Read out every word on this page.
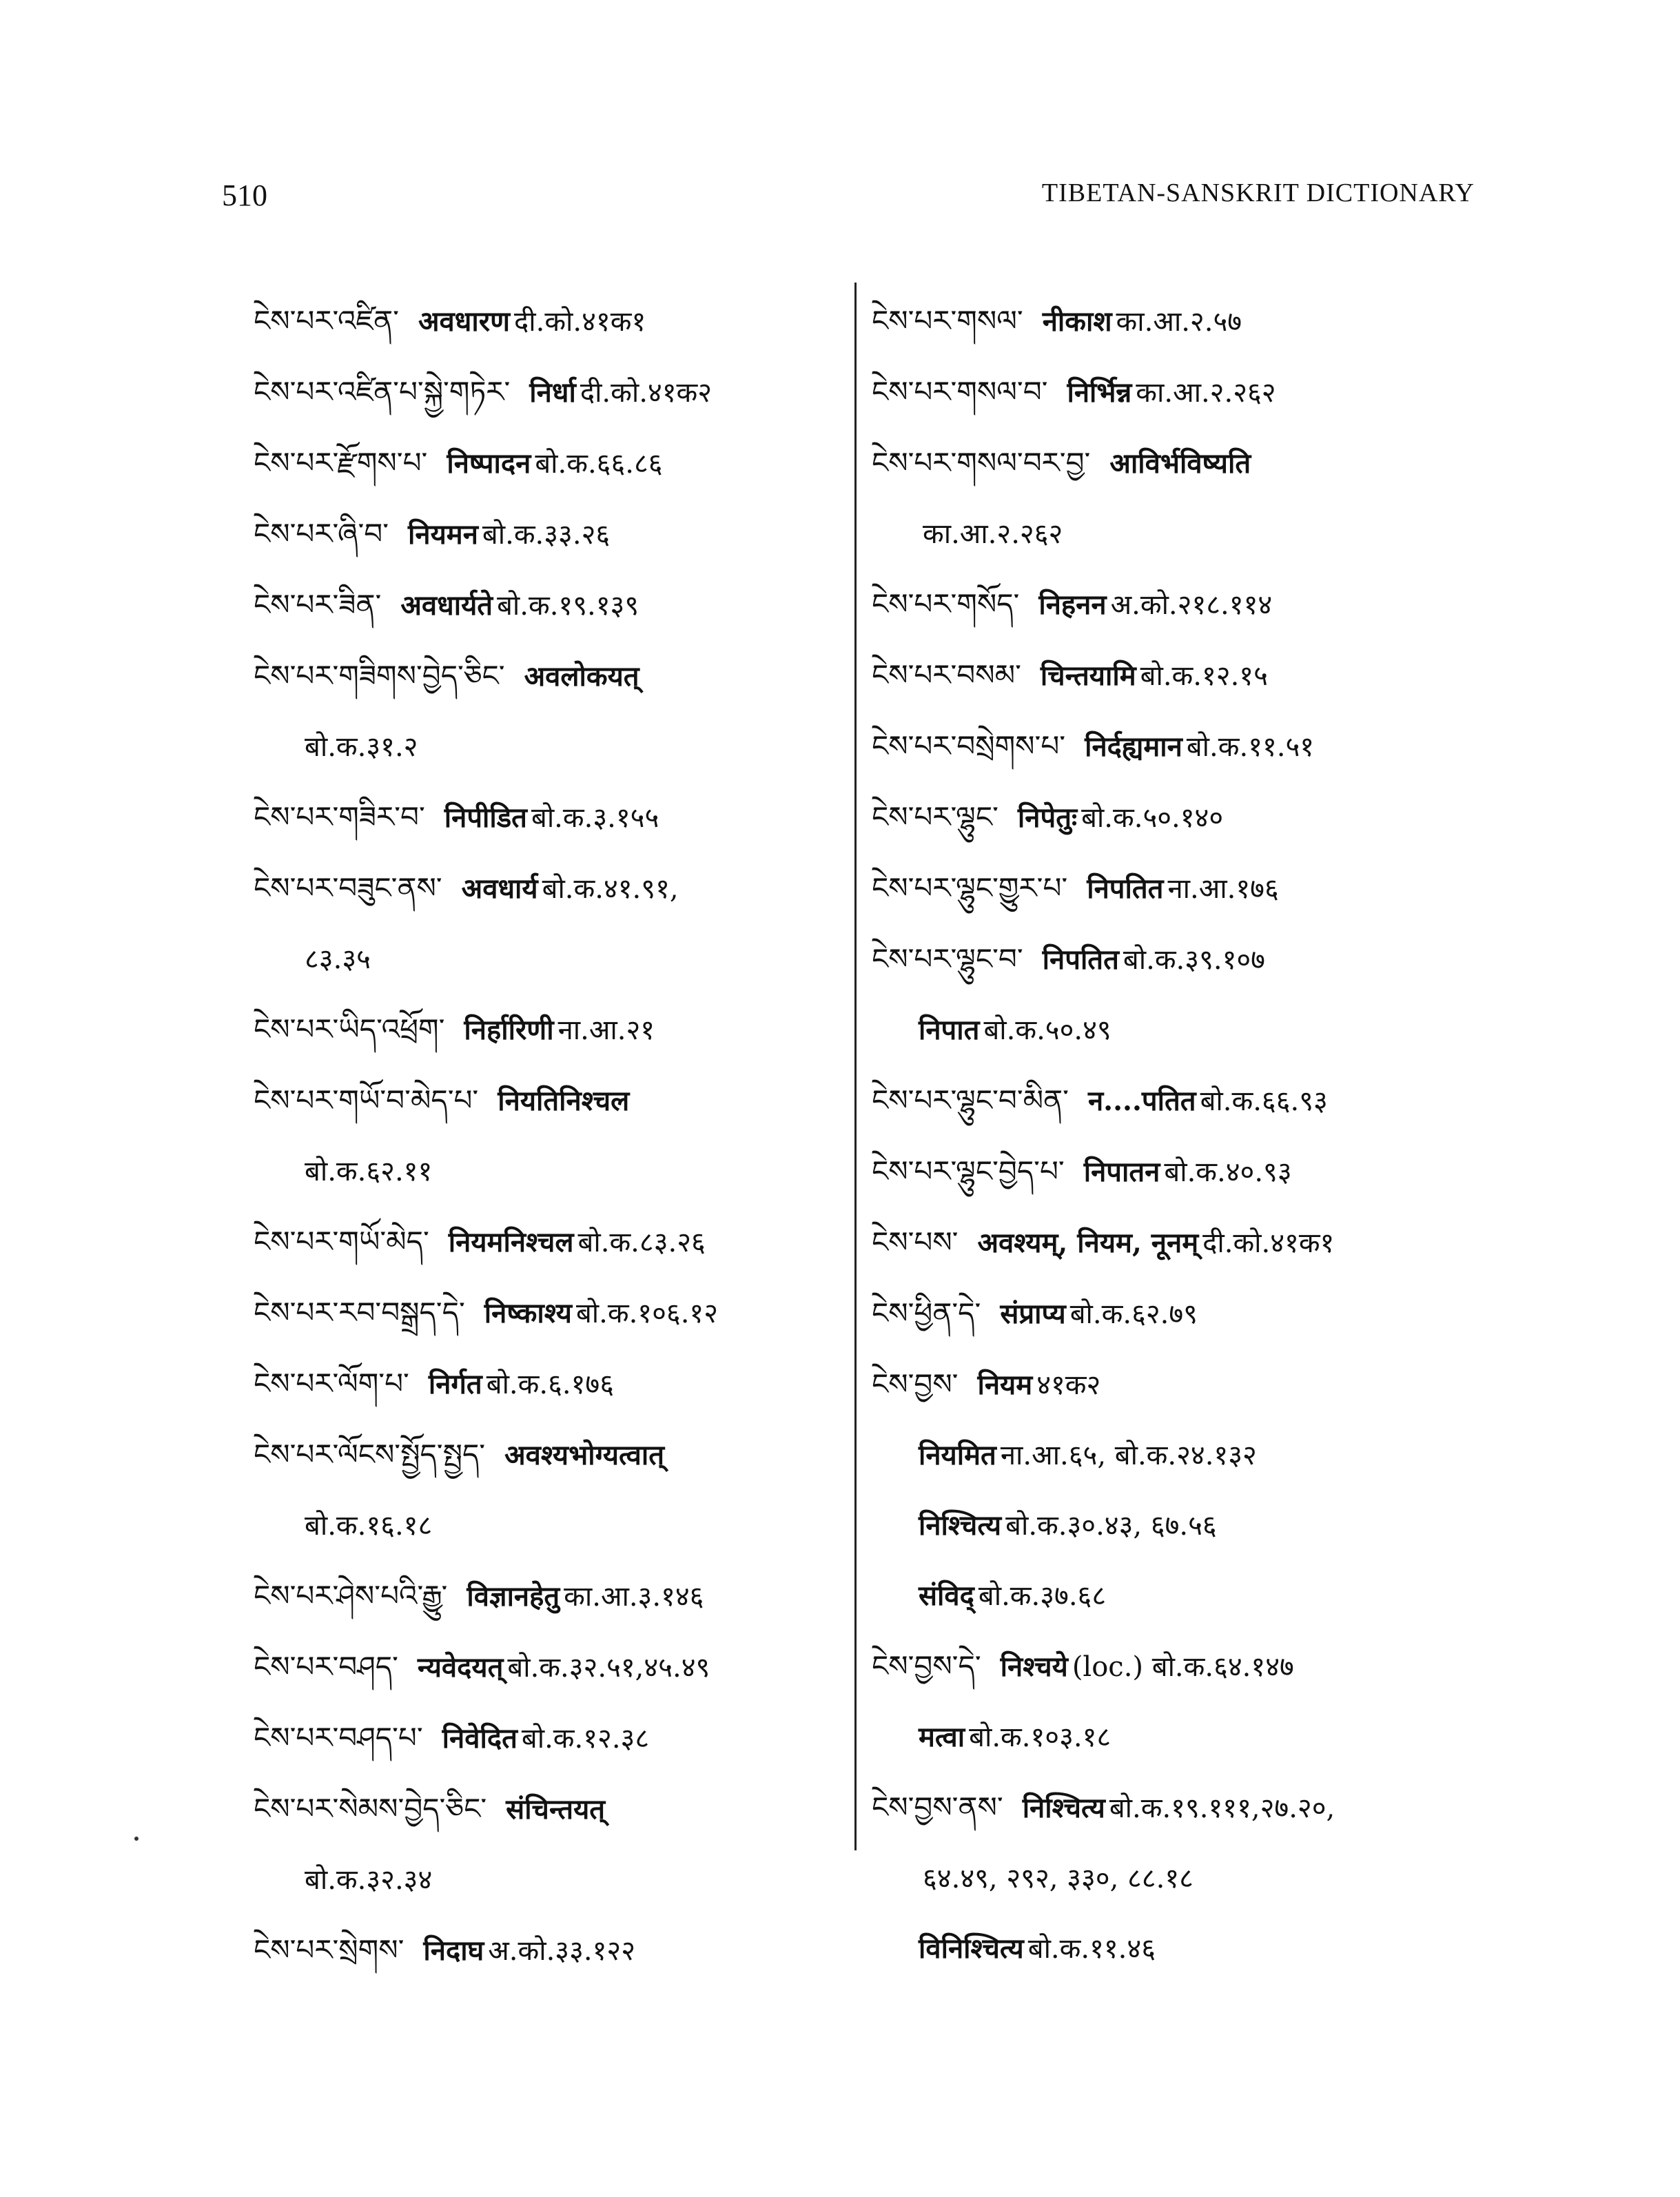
510	TIBETAN-SANSKRIT DICTIONARY
ངེས་པར་འཛིན་ अवधारण दी.को.४१क१
ངེས་པར་འཛིན་པ་སྐྱེ་གཏེར་ निर्धा दी.को.४१क२
ངེས་པར་རྫོགས་པ་ निष्पादन बो.क.६६.८६
ངེས་པར་ཞི་བ་ नियमन बो.क.३३.२६
ངེས་པར་ཟིན་ अवधार्यते बो.क.१९.१३९
ངེས་པར་གཟིགས་བྱེད་ཅིང་ अवलोकयत्
बो.क.३१.२
ངེས་པར་གཟིར་བ་ निपीडित बो.क.३.१५५
ངེས་པར་བཟུང་ནས་ अवधार्य बो.क.४१.९१,
८३.३५
ངེས་པར་ཡིད་འཕྲོག་ निर्हारिणी ना.आ.२१
ངེས་པར་གཡོ་བ་མེད་པ་ नियतिनिश्चल
बो.क.६२.११
ངེས་པར་གཡོ་མེད་ नियमनिश्चल बो.क.८३.२६
ངེས་པར་རབ་བསྒྲད་དེ་ निष्काश्य बो.क.१०६.१२
ངེས་པར་ལོག་པ་ निर्गत बो.क.६.१७६
ངེས་པར་ལོངས་སྤྱོད་སྤྱད་ अवश्यभोग्यत्वात्
बो.क.१६.१८
ངེས་པར་ཤེས་པའི་རྒྱུ་ विज्ञानहेतु का.आ.३.१४६
ངེས་པར་བཤད་ न्यवेदयत् बो.क.३२.५१,४५.४९
ངེས་པར་བཤད་པ་ निवेदित बो.क.१२.३८
ངེས་པར་སེམས་བྱེད་ཅིང་ संचिन्तयत्
बो.क.३२.३४
ངེས་པར་སྲེགས་ निदाघ अ.को.३३.१२२
ངེས་པར་གསལ་ नीकाश का.आ.२.५७
ངེས་པར་གསལ་བ་ निर्भिन्न का.आ.२.२६२
ངེས་པར་གསལ་བར་བྱ་ आविर्भविष्यति
का.आ.२.२६२
ངེས་པར་གསོད་ निहनन अ.को.२१८.११४
ངེས་པར་བསམ་ चिन्तयामि बो.क.१२.१५
ངེས་པར་བསྲེགས་པ་ निर्दह्यमान बो.क.११.५१
ངེས་པར་ལྷུང་ निपेतुः बो.क.५०.१४०
ངེས་པར་ལྷུང་གྱུར་པ་ निपतित ना.आ.१७६
ངེས་པར་ལྷུང་བ་ निपतित बो.क.३९.१०७
निपात बो.क.५०.४९
ངེས་པར་ལྷུང་བ་མིན་ न....पतित बो.क.६६.९३
ངེས་པར་ལྷུང་བྱེད་པ་ निपातन बो.क.४०.९३
ངེས་པས་ अवश्यम्, नियम, नूनम् दी.को.४१क१
ངེས་ཕྱིན་དེ་ संप्राप्य बो.क.६२.७९
ངེས་བྱས་ नियम ४१क२
नियमित ना.आ.६५, बो.क.२४.१३२
निश्चित्य बो.क.३०.४३, ६७.५६
संविद् बो.क.३७.६८
ངེས་བྱས་དེ་ निश्चये (loc.) बो.क.६४.१४७
मत्वा बो.क.१०३.१८
ངེས་བྱས་ནས་ निश्चित्य बो.क.१९.१११,२७.२०,
६४.४९, २९२, ३३०, ८८.१८
विनिश्चित्य बो.क.११.४६
